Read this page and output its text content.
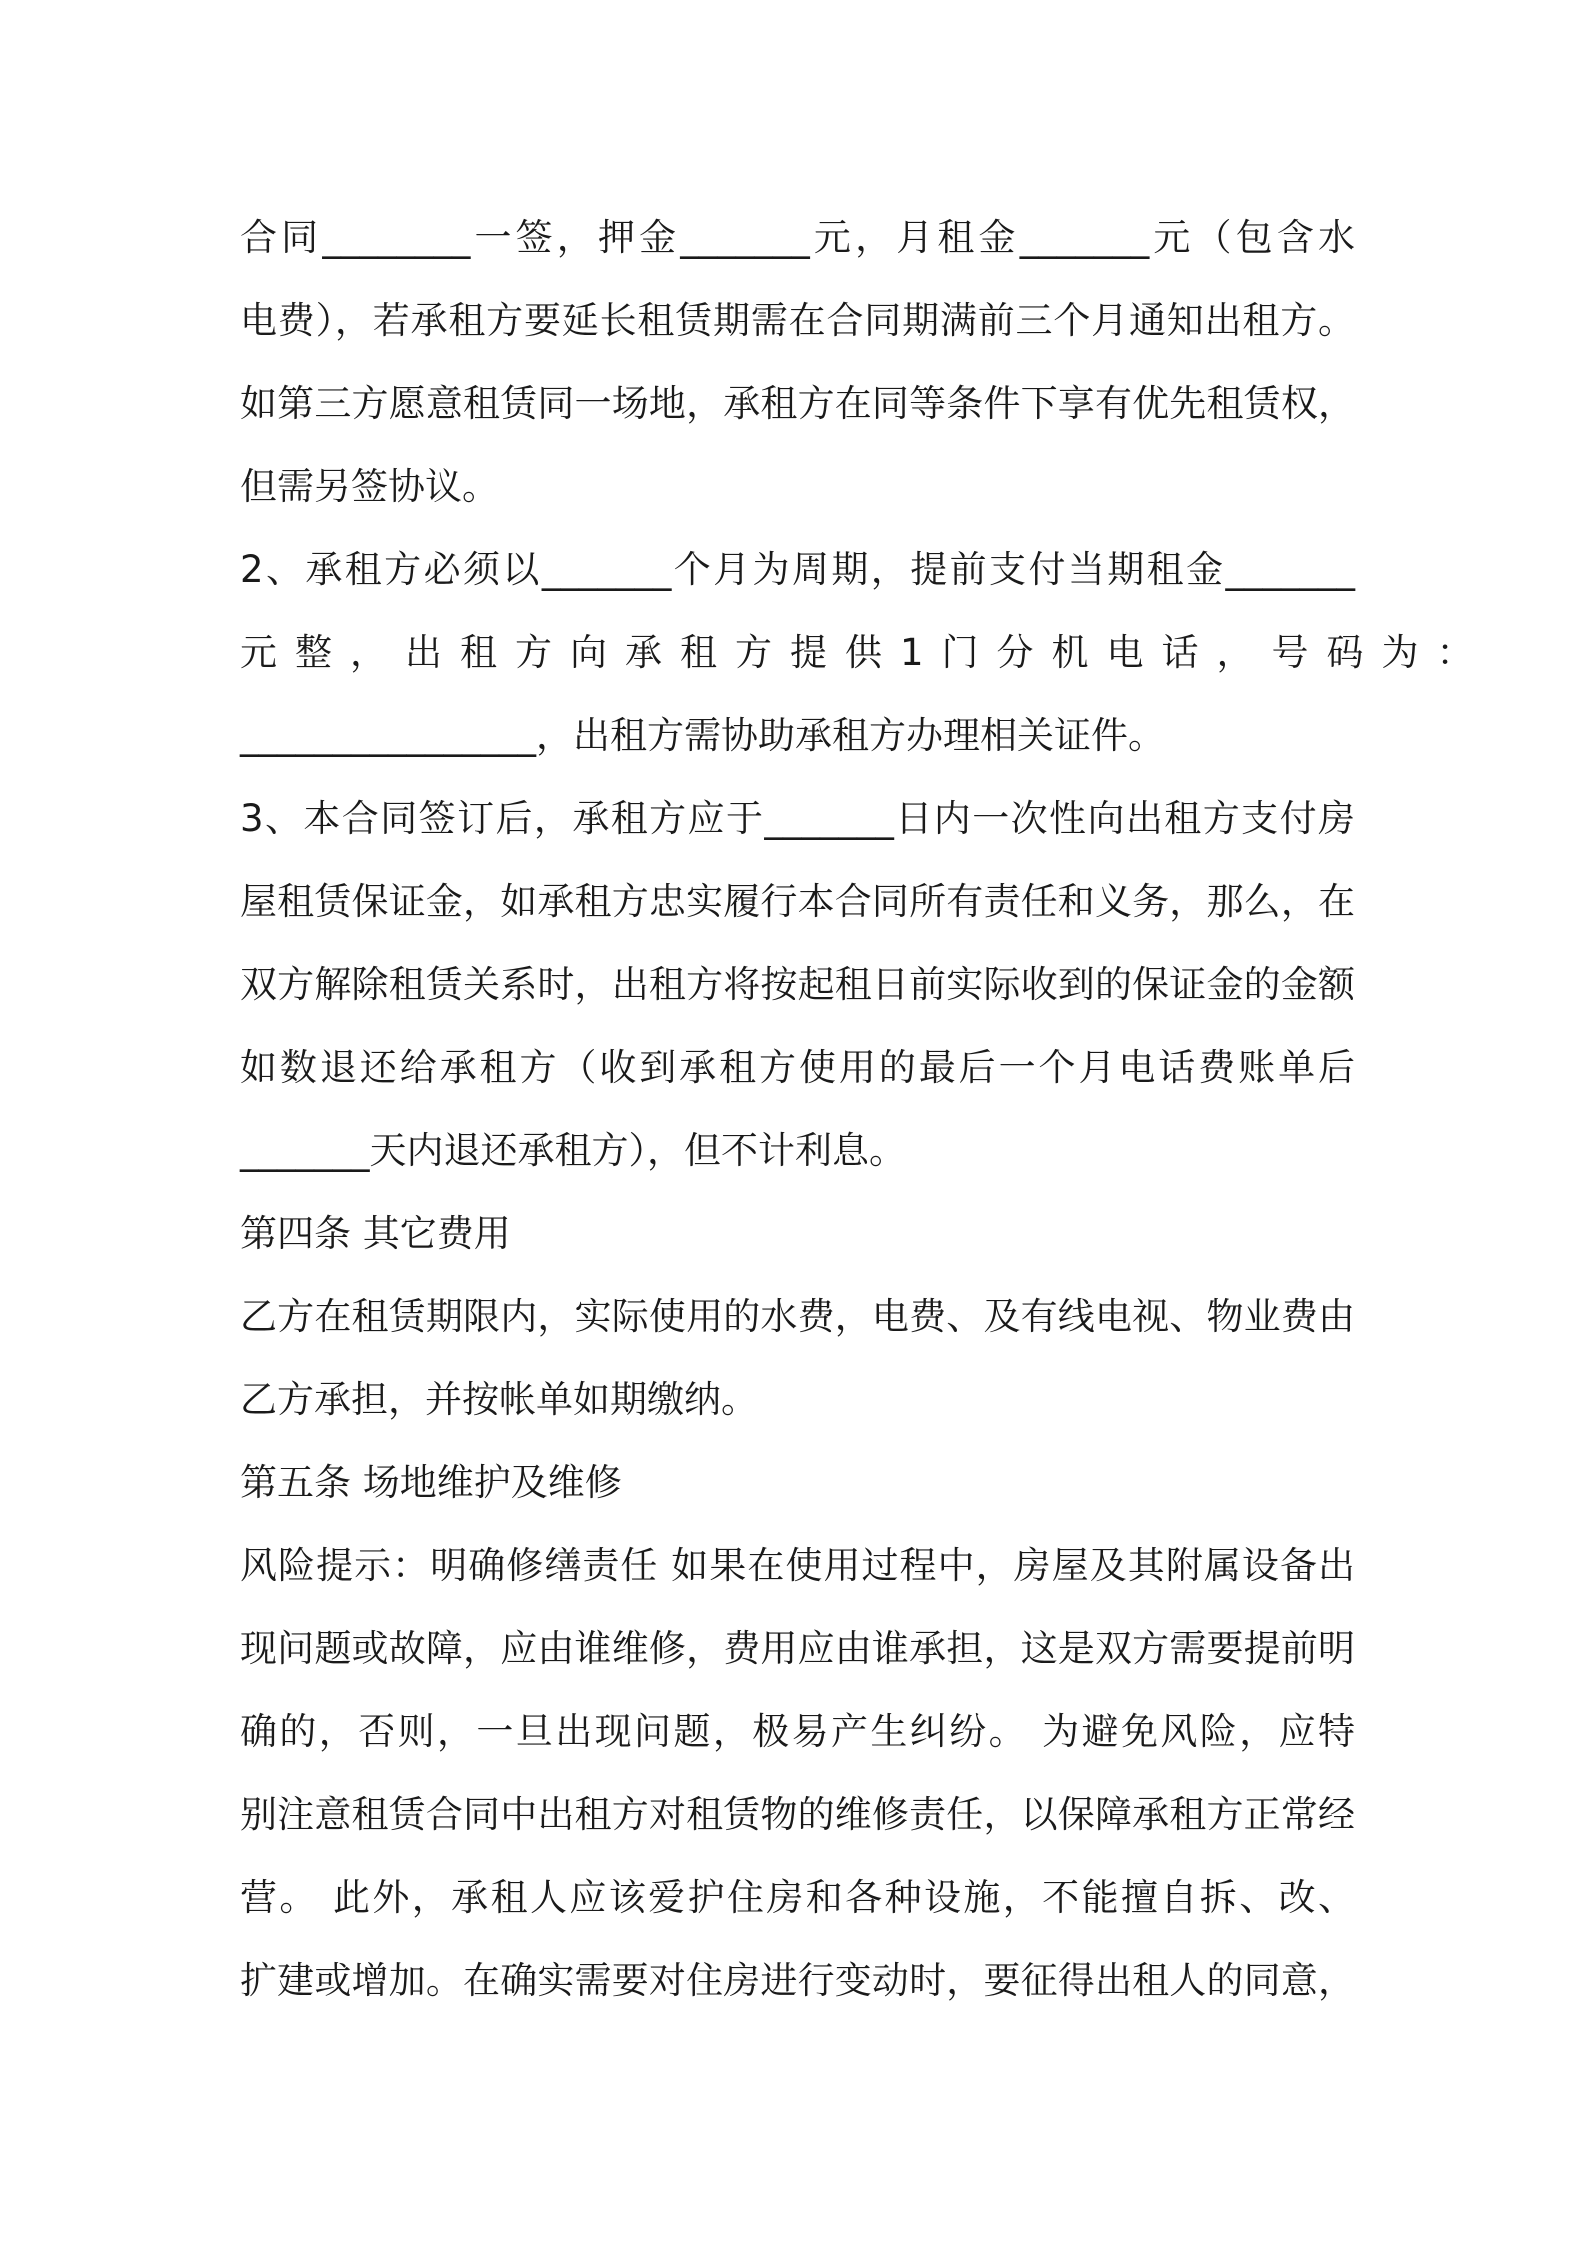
合同________一签，押金_______元，月租金_______元（包含水
电费），若承租方要延长租赁期需在合同期满前三个月通知出租方。
如第三方愿意租赁同一场地，承租方在同等条件下享有优先租赁权，
但需另签协议。
2、承租方必须以_______个月为周期，提前支付当期租金_______
元整，出租方向承租方提供1门分机电话，号码为：
________________，出租方需协助承租方办理相关证件。
3、本合同签订后，承租方应于_______日内一次性向出租方支付房
屋租赁保证金，如承租方忠实履行本合同所有责任和义务，那么，在
双方解除租赁关系时，出租方将按起租日前实际收到的保证金的金额
如数退还给承租方（收到承租方使用的最后一个月电话费账单后
_______天内退还承租方），但不计利息。
第四条 其它费用
乙方在租赁期限内，实际使用的水费，电费、及有线电视、物业费由
乙方承担，并按帐单如期缴纳。
第五条 场地维护及维修
风险提示：明确修缮责任 如果在使用过程中，房屋及其附属设备出
现问题或故障，应由谁维修，费用应由谁承担，这是双方需要提前明
确的，否则，一旦出现问题，极易产生纠纷。 为避免风险，应特
别注意租赁合同中出租方对租赁物的维修责任，以保障承租方正常经
营。 此外，承租人应该爱护住房和各种设施，不能擅自拆、改、
扩建或增加。在确实需要对住房进行变动时，要征得出租人的同意，
